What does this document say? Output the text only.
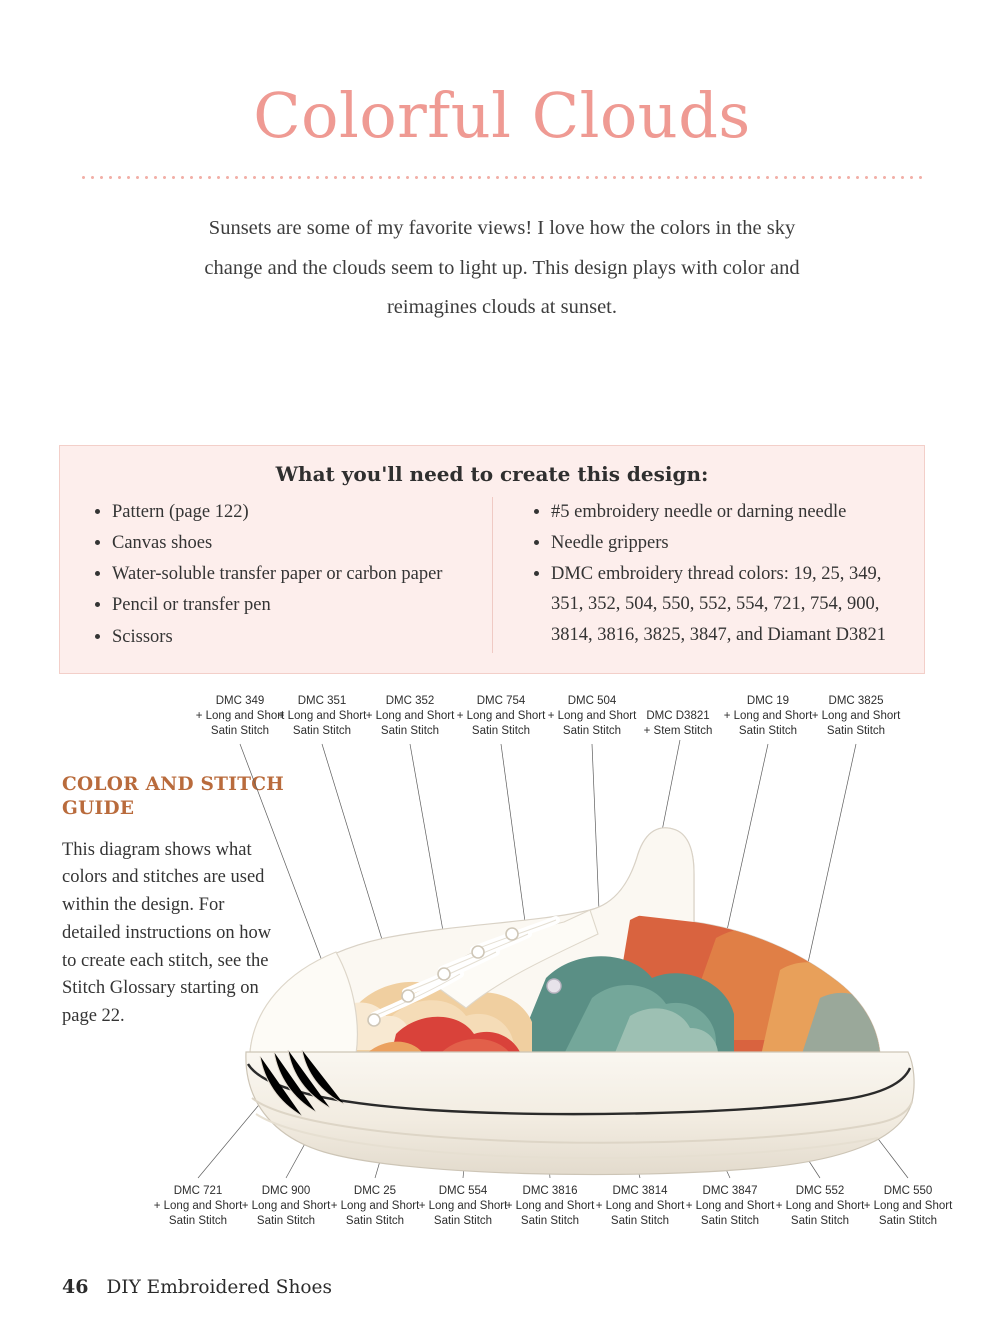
Colorful Clouds

Sunsets are some of my favorite views! I love how the colors in the sky change and the clouds seem to light up. This design plays with color and reimagines clouds at sunset.

What you'll need to create this design:
• Pattern (page 122)
• Canvas shoes
• Water-soluble transfer paper or carbon paper
• Pencil or transfer pen
• Scissors
• #5 embroidery needle or darning needle
• Needle grippers
• DMC embroidery thread colors: 19, 25, 349, 351, 352, 504, 550, 552, 554, 721, 754, 900, 3814, 3816, 3825, 3847, and Diamant D3821
COLOR AND STITCH GUIDE

This diagram shows what colors and stitches are used within the design. For detailed instructions on how to create each stitch, see the Stitch Glossary starting on page 22.

DMC 349
+ Long and Short
Satin Stitch
DMC 351
+ Long and Short
Satin Stitch
DMC 352
+ Long and Short
Satin Stitch
DMC 754
+ Long and Short
Satin Stitch
DMC 504
+ Long and Short
Satin Stitch
DMC D3821
+ Stem Stitch
DMC 19
+ Long and Short
Satin Stitch
DMC 3825
+ Long and Short
Satin Stitch
DMC 721
+ Long and Short
Satin Stitch
DMC 900
+ Long and Short
Satin Stitch
DMC 25
+ Long and Short
Satin Stitch
DMC 554
+ Long and Short
Satin Stitch
DMC 3816
+ Long and Short
Satin Stitch
DMC 3814
+ Long and Short
Satin Stitch
DMC 3847
+ Long and Short
Satin Stitch
DMC 552
+ Long and Short
Satin Stitch
DMC 550
+ Long and Short
Satin Stitch
46 DIY Embroidered Shoes
